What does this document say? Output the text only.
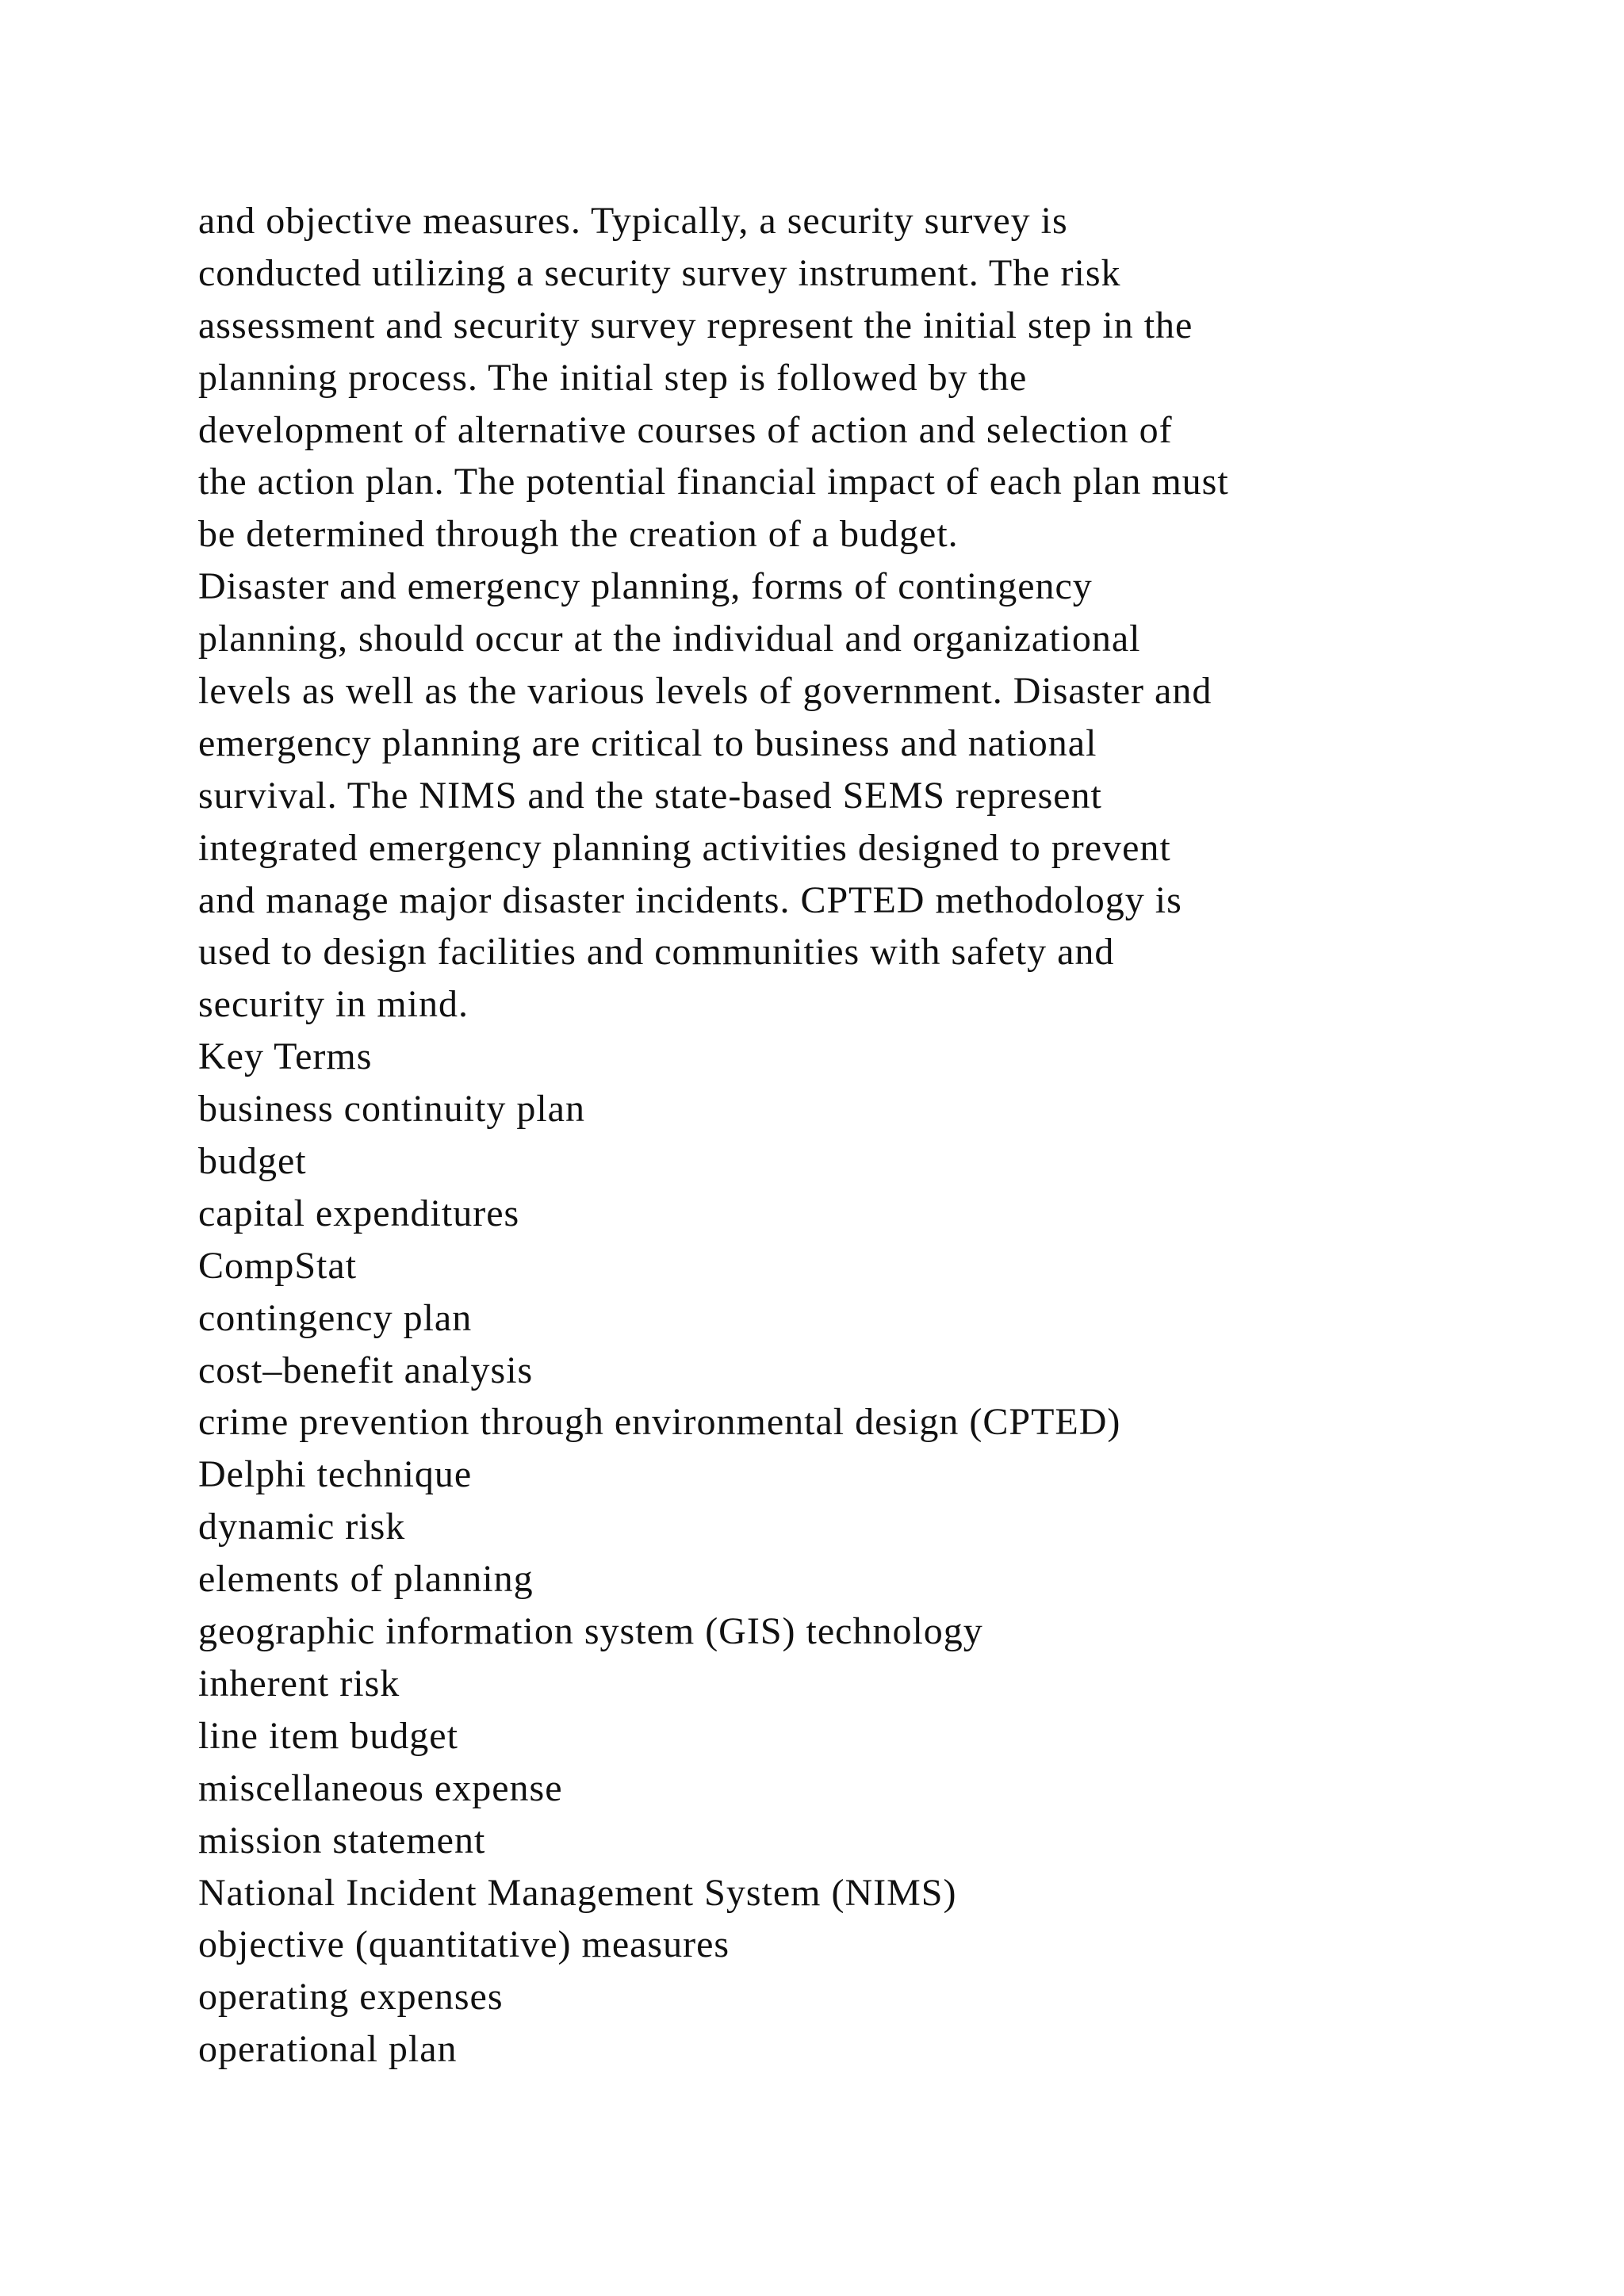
and objective measures. Typically, a security survey is
conducted utilizing a security survey instrument. The risk
assessment and security survey represent the initial step in the
planning process. The initial step is followed by the
development of alternative courses of action and selection of
the action plan. The potential financial impact of each plan must
be determined through the creation of a budget.
Disaster and emergency planning, forms of contingency
planning, should occur at the individual and organizational
levels as well as the various levels of government. Disaster and
emergency planning are critical to business and national
survival. The NIMS and the state-based SEMS represent
integrated emergency planning activities designed to prevent
and manage major disaster incidents. CPTED methodology is
used to design facilities and communities with safety and
security in mind.
Key Terms
business continuity plan
budget
capital expenditures
CompStat
contingency plan
cost–benefit analysis
crime prevention through environmental design (CPTED)
Delphi technique
dynamic risk
elements of planning
geographic information system (GIS) technology
inherent risk
line item budget
miscellaneous expense
mission statement
National Incident Management System (NIMS)
objective (quantitative) measures
operating expenses
operational plan
